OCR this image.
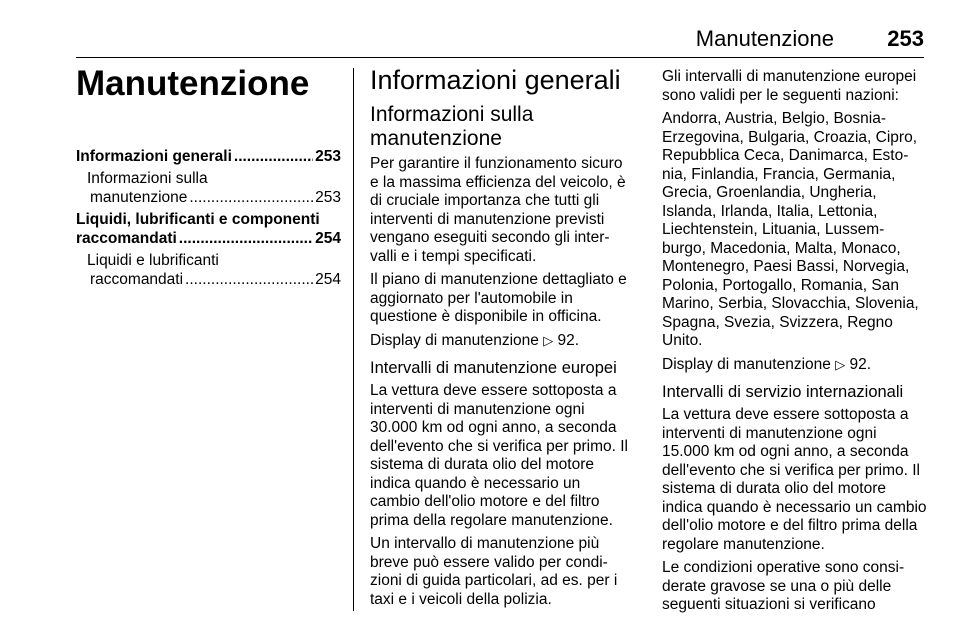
Manutenzione 253
Manutenzione
Informazioni generali .....	253
Informazioni sulla
manutenzione .....	253
Liquidi, lubrificanti e componenti
raccomandati .....	254
Liquidi e lubrificanti
raccomandati .....	254
Informazioni generali
Informazioni sulla
manutenzione

Per garantire il funzionamento sicuro e la massima efficienza del veicolo, è di cruciale importanza che tutti gli interventi di manutenzione previsti vengano eseguiti secondo gli inter-valli e i tempi specificati.

Il piano di manutenzione dettagliato e aggiornato per l'automobile in questione è disponibile in officina.

Display di manutenzione ▷ 92.

Intervalli di manutenzione europei

La vettura deve essere sottoposta a interventi di manutenzione ogni 30.000 km od ogni anno, a seconda dell'evento che si verifica per primo. Il sistema di durata olio del motore indica quando è necessario un cambio dell'olio motore e del filtro prima della regolare manutenzione.

Un intervallo di manutenzione più breve può essere valido per condi-zioni di guida particolari, ad es. per i taxi e i veicoli della polizia.

Gli intervalli di manutenzione europei sono validi per le seguenti nazioni:

Andorra, Austria, Belgio, Bosnia-Erzegovina, Bulgaria, Croazia, Cipro, Repubblica Ceca, Danimarca, Esto-nia, Finlandia, Francia, Germania, Grecia, Groenlandia, Ungheria, Islanda, Irlanda, Italia, Lettonia, Liechtenstein, Lituania, Lussem-burgo, Macedonia, Malta, Monaco, Montenegro, Paesi Bassi, Norvegia, Polonia, Portogallo, Romania, San Marino, Serbia, Slovacchia, Slovenia, Spagna, Svezia, Svizzera, Regno Unito.

Display di manutenzione ▷ 92.

Intervalli di servizio internazionali

La vettura deve essere sottoposta a interventi di manutenzione ogni 15.000 km od ogni anno, a seconda dell'evento che si verifica per primo. Il sistema di durata olio del motore indica quando è necessario un cambio dell'olio motore e del filtro prima della regolare manutenzione.

Le condizioni operative sono consi-derate gravose se una o più delle seguenti situazioni si verificano
